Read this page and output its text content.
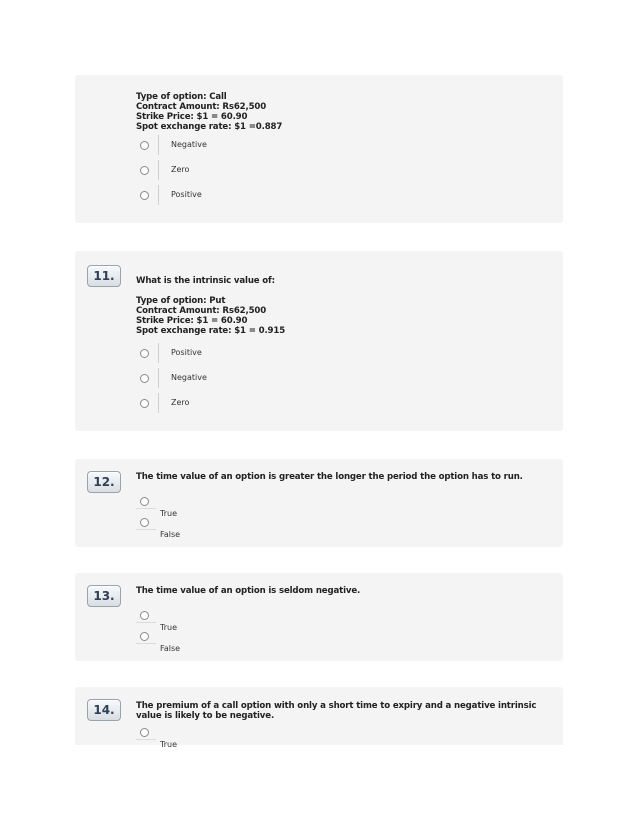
Type of option: Call
Contract Amount: Rs62,500
Strike Price: $1 = 60.90
Spot exchange rate: $1 =0.887
Negative
Zero
Positive
11.	What is the intrinsic value of:

Type of option: Put
Contract Amount: Rs62,500
Strike Price: $1 = 60.90
Spot exchange rate: $1 = 0.915
Positive
Negative
Zero
12.	The time value of an option is greater the longer the period the option has to run.
True
False
13.	The time value of an option is seldom negative.
True
False
14.	The premium of a call option with only a short time to expiry and a negative intrinsic
value is likely to be negative.
True
